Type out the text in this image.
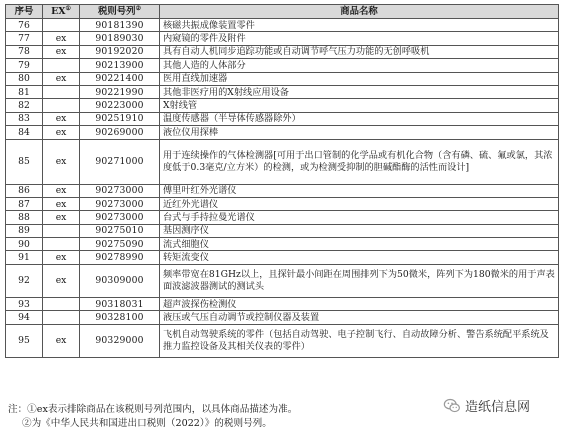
序号	EX①	税则号列②	商品名称
76		90181390	核磁共振成像装置零件
77	ex	90189030	内窥镜的零件及附件
78	ex	90192020	具有自动人机同步追踪功能或自动调节呼气压力功能的无创呼吸机
79		90213900	其他人造的人体部分
80	ex	90221400	医用直线加速器
81		90221990	其他非医疗用的X射线应用设备
82		90223000	X射线管
83	ex	90251910	温度传感器（半导体传感器除外）
84	ex	90269000	液位仪用探棒
85	ex	90271000	用于连续操作的气体检测器[可用于出口管制的化学品或有机化合物（含有磷、硫、氟或氯，其浓度低于0.3毫克/立方米）的检测，或为检测受抑制的胆碱酯酶的活性而设计]
86	ex	90273000	傅里叶红外光谱仪
87	ex	90273000	近红外光谱仪
88	ex	90273000	台式与手持拉曼光谱仪
89		90275010	基因测序仪
90		90275090	流式细胞仪
91	ex	90278990	转矩流变仪
92	ex	90309000	频率带宽在81GHz以上，且探针最小间距在周围排列下为50微米，阵列下为180微米的用于声表面波滤波器测试的测试头
93		90318031	超声波探伤检测仪
94		90328100	液压或气压自动调节或控制仪器及装置
95	ex	90329000	飞机自动驾驶系统的零件（包括自动驾驶、电子控制飞行、自动故障分析、警告系统配平系统及推力监控设备及其相关仪表的零件）
注：①ex表示排除商品在该税则号列范围内，以具体商品描述为准。
②为《中华人民共和国进出口税则（2022）》的税则号列。
造纸信息网
